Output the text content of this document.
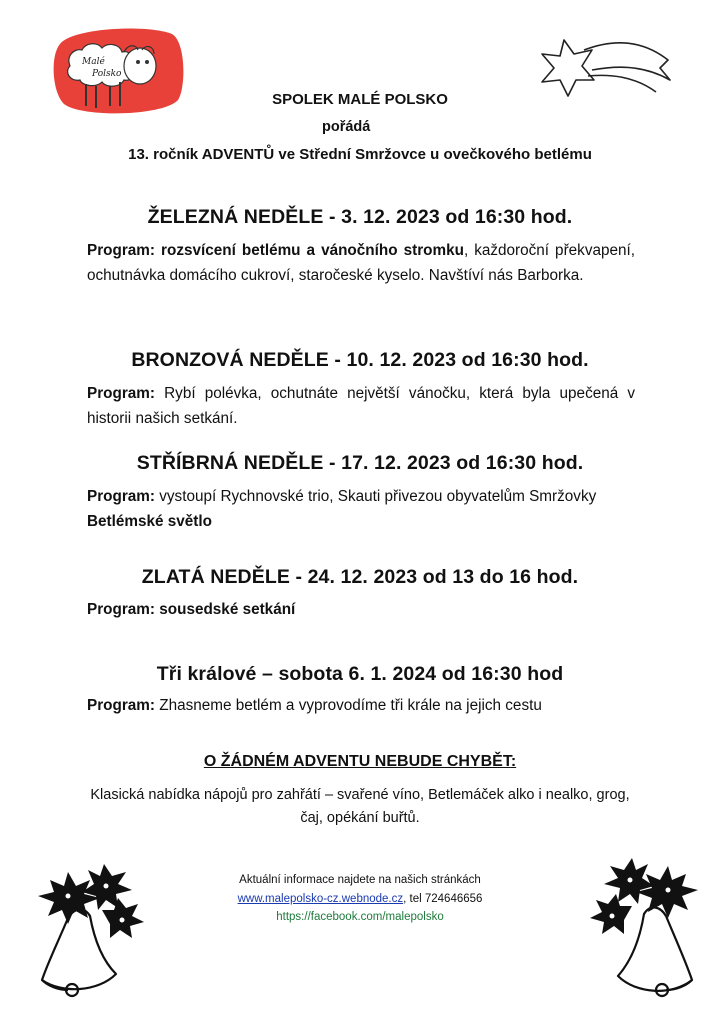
Malé
Polsko
SPOLEK MALÉ POLSKO
pořádá
13. ročník ADVENTŮ ve Střední Smržovce u ovečkového betlému
ŽELEZNÁ NEDĚLE - 3. 12. 2023 od 16:30 hod.
Program: rozsvícení betlému a vánočního stromku, každoroční překvapení, ochutnávka domácího cukroví, staročeské kyselo. Navštíví nás Barborka.
BRONZOVÁ NEDĚLE - 10. 12. 2023 od 16:30 hod.
Program: Rybí polévka, ochutnáte největší vánočku, která byla upečená v historii našich setkání.
STŘÍBRNÁ NEDĚLE - 17. 12. 2023 od 16:30 hod.
Program: vystoupí Rychnovské trio, Skauti přivezou obyvatelům Smržovky Betlémské světlo
ZLATÁ NEDĚLE - 24. 12. 2023 od 13 do 16 hod.
Program: sousedské setkání
Tři králové – sobota 6. 1. 2024 od 16:30 hod
Program: Zhasneme betlém a vyprovodíme tři krále na jejich cestu
O ŽÁDNÉM ADVENTU NEBUDE CHYBĚT:
Klasická nabídka nápojů pro zahřátí – svařené víno, Betlemáček alko i nealko, grog, čaj, opékání buřtů.
Aktuální informace najdete na našich stránkách
www.malepolsko-cz.webnode.cz, tel 724646656
https://facebook.com/malepolsko
